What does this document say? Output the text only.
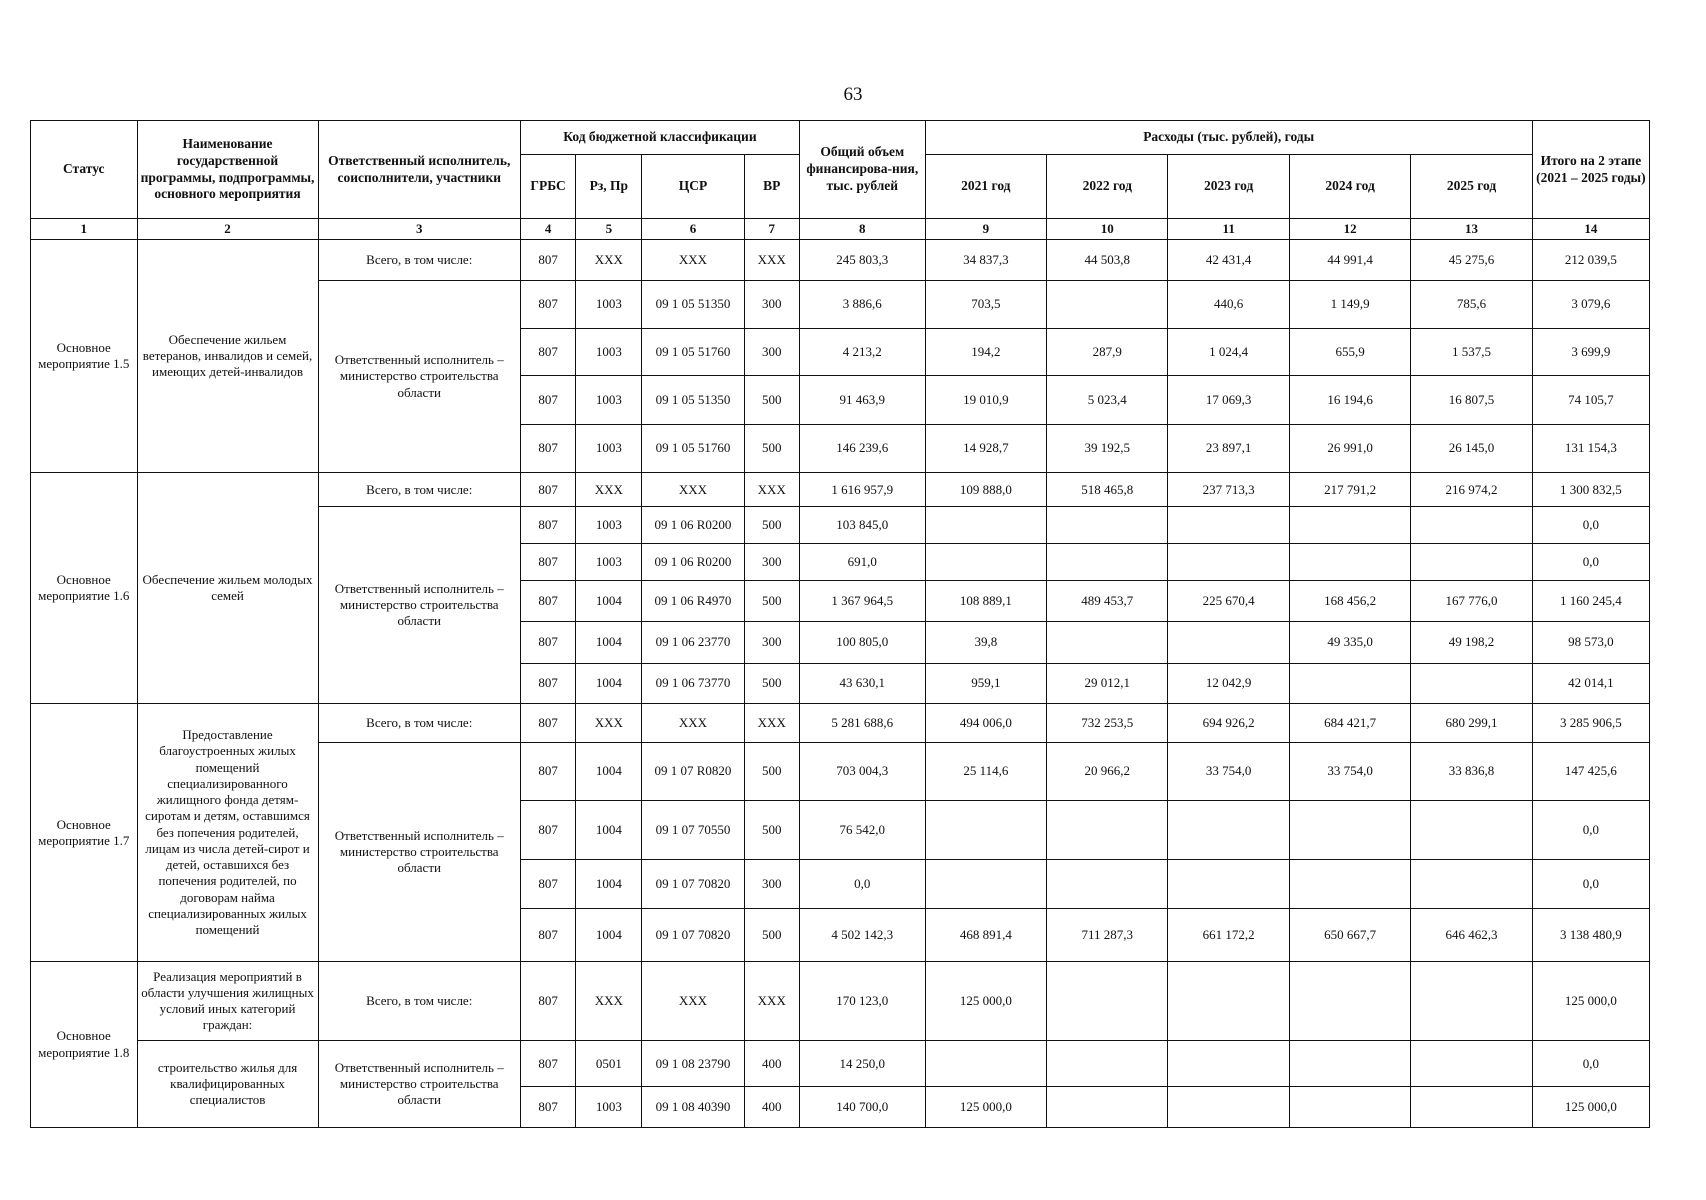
63
Статус	Наименование государственной программы, подпрограммы, основного мероприятия	Ответственный исполнитель, соисполнители, участники	Код бюджетной классификации				Общий объем финансирова-ния, тыс. рублей	Расходы (тыс. рублей), годы					Итого на 2 этапе (2021 – 2025 годы)
			ГРБС	Рз, Пр	ЦСР	ВР		2021 год	2022 год	2023 год	2024 год	2025 год	
1	2	3	4	5	6	7	8	9	10	11	12	13	14
Основное мероприятие 1.5	Обеспечение жильем ветеранов, инвалидов и семей, имеющих детей-инвалидов	Всего, в том числе:	807	XXX	XXX	XXX	245 803,3	34 837,3	44 503,8	42 431,4	44 991,4	45 275,6	212 039,5
		Ответственный исполнитель – министерство строительства области	807	1003	09 1 05 51350	300	3 886,6	703,5		440,6	1 149,9	785,6	3 079,6
			807	1003	09 1 05 51760	300	4 213,2	194,2	287,9	1 024,4	655,9	1 537,5	3 699,9
			807	1003	09 1 05 51350	500	91 463,9	19 010,9	5 023,4	17 069,3	16 194,6	16 807,5	74 105,7
			807	1003	09 1 05 51760	500	146 239,6	14 928,7	39 192,5	23 897,1	26 991,0	26 145,0	131 154,3
Основное мероприятие 1.6	Обеспечение жильем молодых семей	Всего, в том числе:	807	XXX	XXX	XXX	1 616 957,9	109 888,0	518 465,8	237 713,3	217 791,2	216 974,2	1 300 832,5
		Ответственный исполнитель – министерство строительства области	807	1003	09 1 06 R0200	500	103 845,0						0,0
			807	1003	09 1 06 R0200	300	691,0						0,0
			807	1004	09 1 06 R4970	500	1 367 964,5	108 889,1	489 453,7	225 670,4	168 456,2	167 776,0	1 160 245,4
			807	1004	09 1 06 23770	300	100 805,0	39,8			49 335,0	49 198,2	98 573,0
			807	1004	09 1 06 73770	500	43 630,1	959,1	29 012,1	12 042,9			42 014,1
Основное мероприятие 1.7	Предоставление благоустроенных жилых помещений специализированного жилищного фонда детям-сиротам и детям, оставшимся без попечения родителей, лицам из числа детей-сирот и детей, оставшихся без попечения родителей, по договорам найма специализированных жилых помещений	Всего, в том числе:	807	XXX	XXX	XXX	5 281 688,6	494 006,0	732 253,5	694 926,2	684 421,7	680 299,1	3 285 906,5
		Ответственный исполнитель – министерство строительства области	807	1004	09 1 07 R0820	500	703 004,3	25 114,6	20 966,2	33 754,0	33 754,0	33 836,8	147 425,6
			807	1004	09 1 07 70550	500	76 542,0						0,0
			807	1004	09 1 07 70820	300	0,0						0,0
			807	1004	09 1 07 70820	500	4 502 142,3	468 891,4	711 287,3	661 172,2	650 667,7	646 462,3	3 138 480,9
Основное мероприятие 1.8	Реализация мероприятий в области улучшения жилищных условий иных категорий граждан:	Всего, в том числе:	807	XXX	XXX	XXX	170 123,0	125 000,0					125 000,0
	строительство жилья для квалифицированных специалистов	Ответственный исполнитель – министерство строительства области	807	0501	09 1 08 23790	400	14 250,0						0,0
			807	1003	09 1 08 40390	400	140 700,0	125 000,0					125 000,0
